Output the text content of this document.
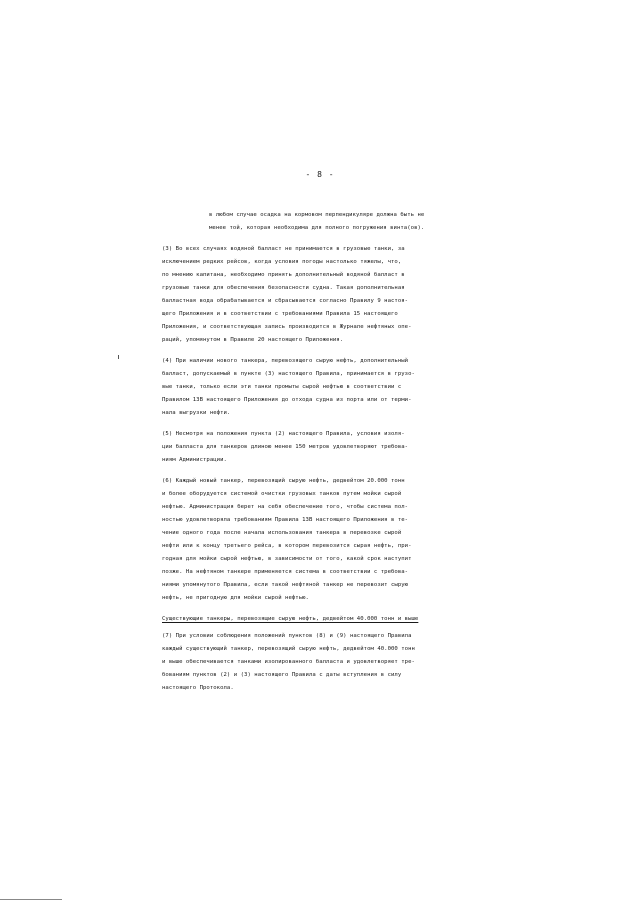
- 8 -
в любом случае осадка на кормовом перпендикуляре должна быть не
менее той, которая необходима для полного погружения винта(ов).
(3) Во всех случаях водяной балласт не принимается в грузовые танки, за
исключением редких рейсов, когда условия погоды настолько тяжелы, что,
по мнению капитана, необходимо принять дополнительный водяной балласт в
грузовые танки для обеспечения безопасности судна. Такая дополнительная
балластная вода обрабатывается и сбрасывается согласно Правилу 9 настоя-
щего Приложения и в соответствии с требованиями Правила 15 настоящего
Приложения, и соответствующая запись производится в Журнале нефтяных опе-
раций, упомянутом в Правиле 20 настоящего Приложения.
(4) При наличии нового танкера, перевозящего сырую нефть, дополнительный
балласт, допускаемый в пункте (3) настоящего Правила, принимается в грузо-
вые танки, только если эти танки промыты сырой нефтью в соответствии с
Правилом 13В настоящего Приложения до отхода судна из порта или от терми-
нала выгрузки нефти.
(5) Несмотря на положения пункта (2) настоящего Правила, условия изоля-
ции балласта для танкеров длиною менее 150 метров удовлетворяют требова-
ниям Администрации.
(6) Каждый новый танкер, перевозящий сырую нефть, дедвейтом 20.000 тонн
и более оборудуется системой очистки грузовых танков путем мойки сырой
нефтью. Администрация берет на себя обеспечение того, чтобы система пол-
ностью удовлетворяла требованиям Правила 13В настоящего Приложения в те-
чение одного года после начала использования танкера в перевозке сырой
нефти или к концу третьего рейса, в котором перевозится сырая нефть, при-
годная для мойки сырой нефтью, в зависимости от того, какой срок наступит
позже. На нефтяном танкере применяется система в соответствии с требова-
ниями упомянутого Правила, если такой нефтяной танкер не перевозит сырую
нефть, не пригодную для мойки сырой нефтью.
Существующие танкеры, перевозящие сырую нефть, дедвейтом 40.000 тонн и выше
(7) При условии соблюдения положений пунктов (8) и (9) настоящего Правила
каждый существующий танкер, перевозящий сырую нефть, дедвейтом 40.000 тонн
и выше обеспечивается танками изолированного балласта и удовлетворяет тре-
бованиям пунктов (2) и (3) настоящего Правила с даты вступления в силу
настоящего Протокола.
